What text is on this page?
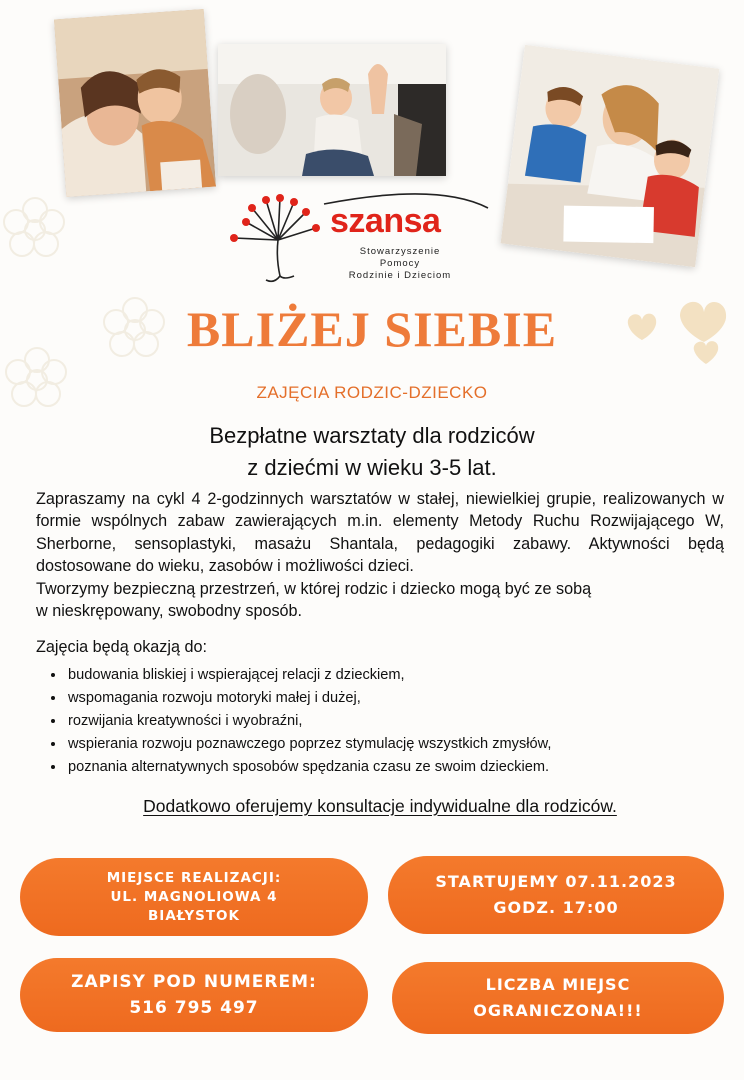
szansa
Stowarzyszenie
Pomocy
Rodzinie i Dzieciom
BLIŻEJ SIEBIE
ZAJĘCIA RODZIC-DZIECKO
Bezpłatne warsztaty dla rodziców
z dziećmi w wieku 3-5 lat.

Zapraszamy na cykl 4 2-godzinnych warsztatów w stałej, niewielkiej grupie, realizowanych w formie wspólnych zabaw zawierających m.in. elementy Metody Ruchu Rozwijającego W, Sherborne, sensoplastyki, masażu Shantala, pedagogiki zabawy. Aktywności będą dostosowane do wieku, zasobów i możliwości dzieci.

Tworzymy bezpieczną przestrzeń, w której rodzic i dziecko mogą być ze sobą

w nieskrępowany, swobodny sposób.

Zajęcia będą okazją do:
• budowania bliskiej i wspierającej relacji z dzieckiem,
• wspomagania rozwoju motoryki małej i dużej,
• rozwijania kreatywności i wyobraźni,
• wspierania rozwoju poznawczego poprzez stymulację wszystkich zmysłów,
• poznania alternatywnych sposobów spędzania czasu ze swoim dzieckiem.
Dodatkowo oferujemy konsultacje indywidualne dla rodziców.
MIEJSCE REALIZACJI:
UL. MAGNOLIOWA 4
BIAŁYSTOK
STARTUJEMY 07.11.2023
GODZ. 17:00
ZAPISY POD NUMEREM:
516 795 497
LICZBA MIEJSC
OGRANICZONA!!!
